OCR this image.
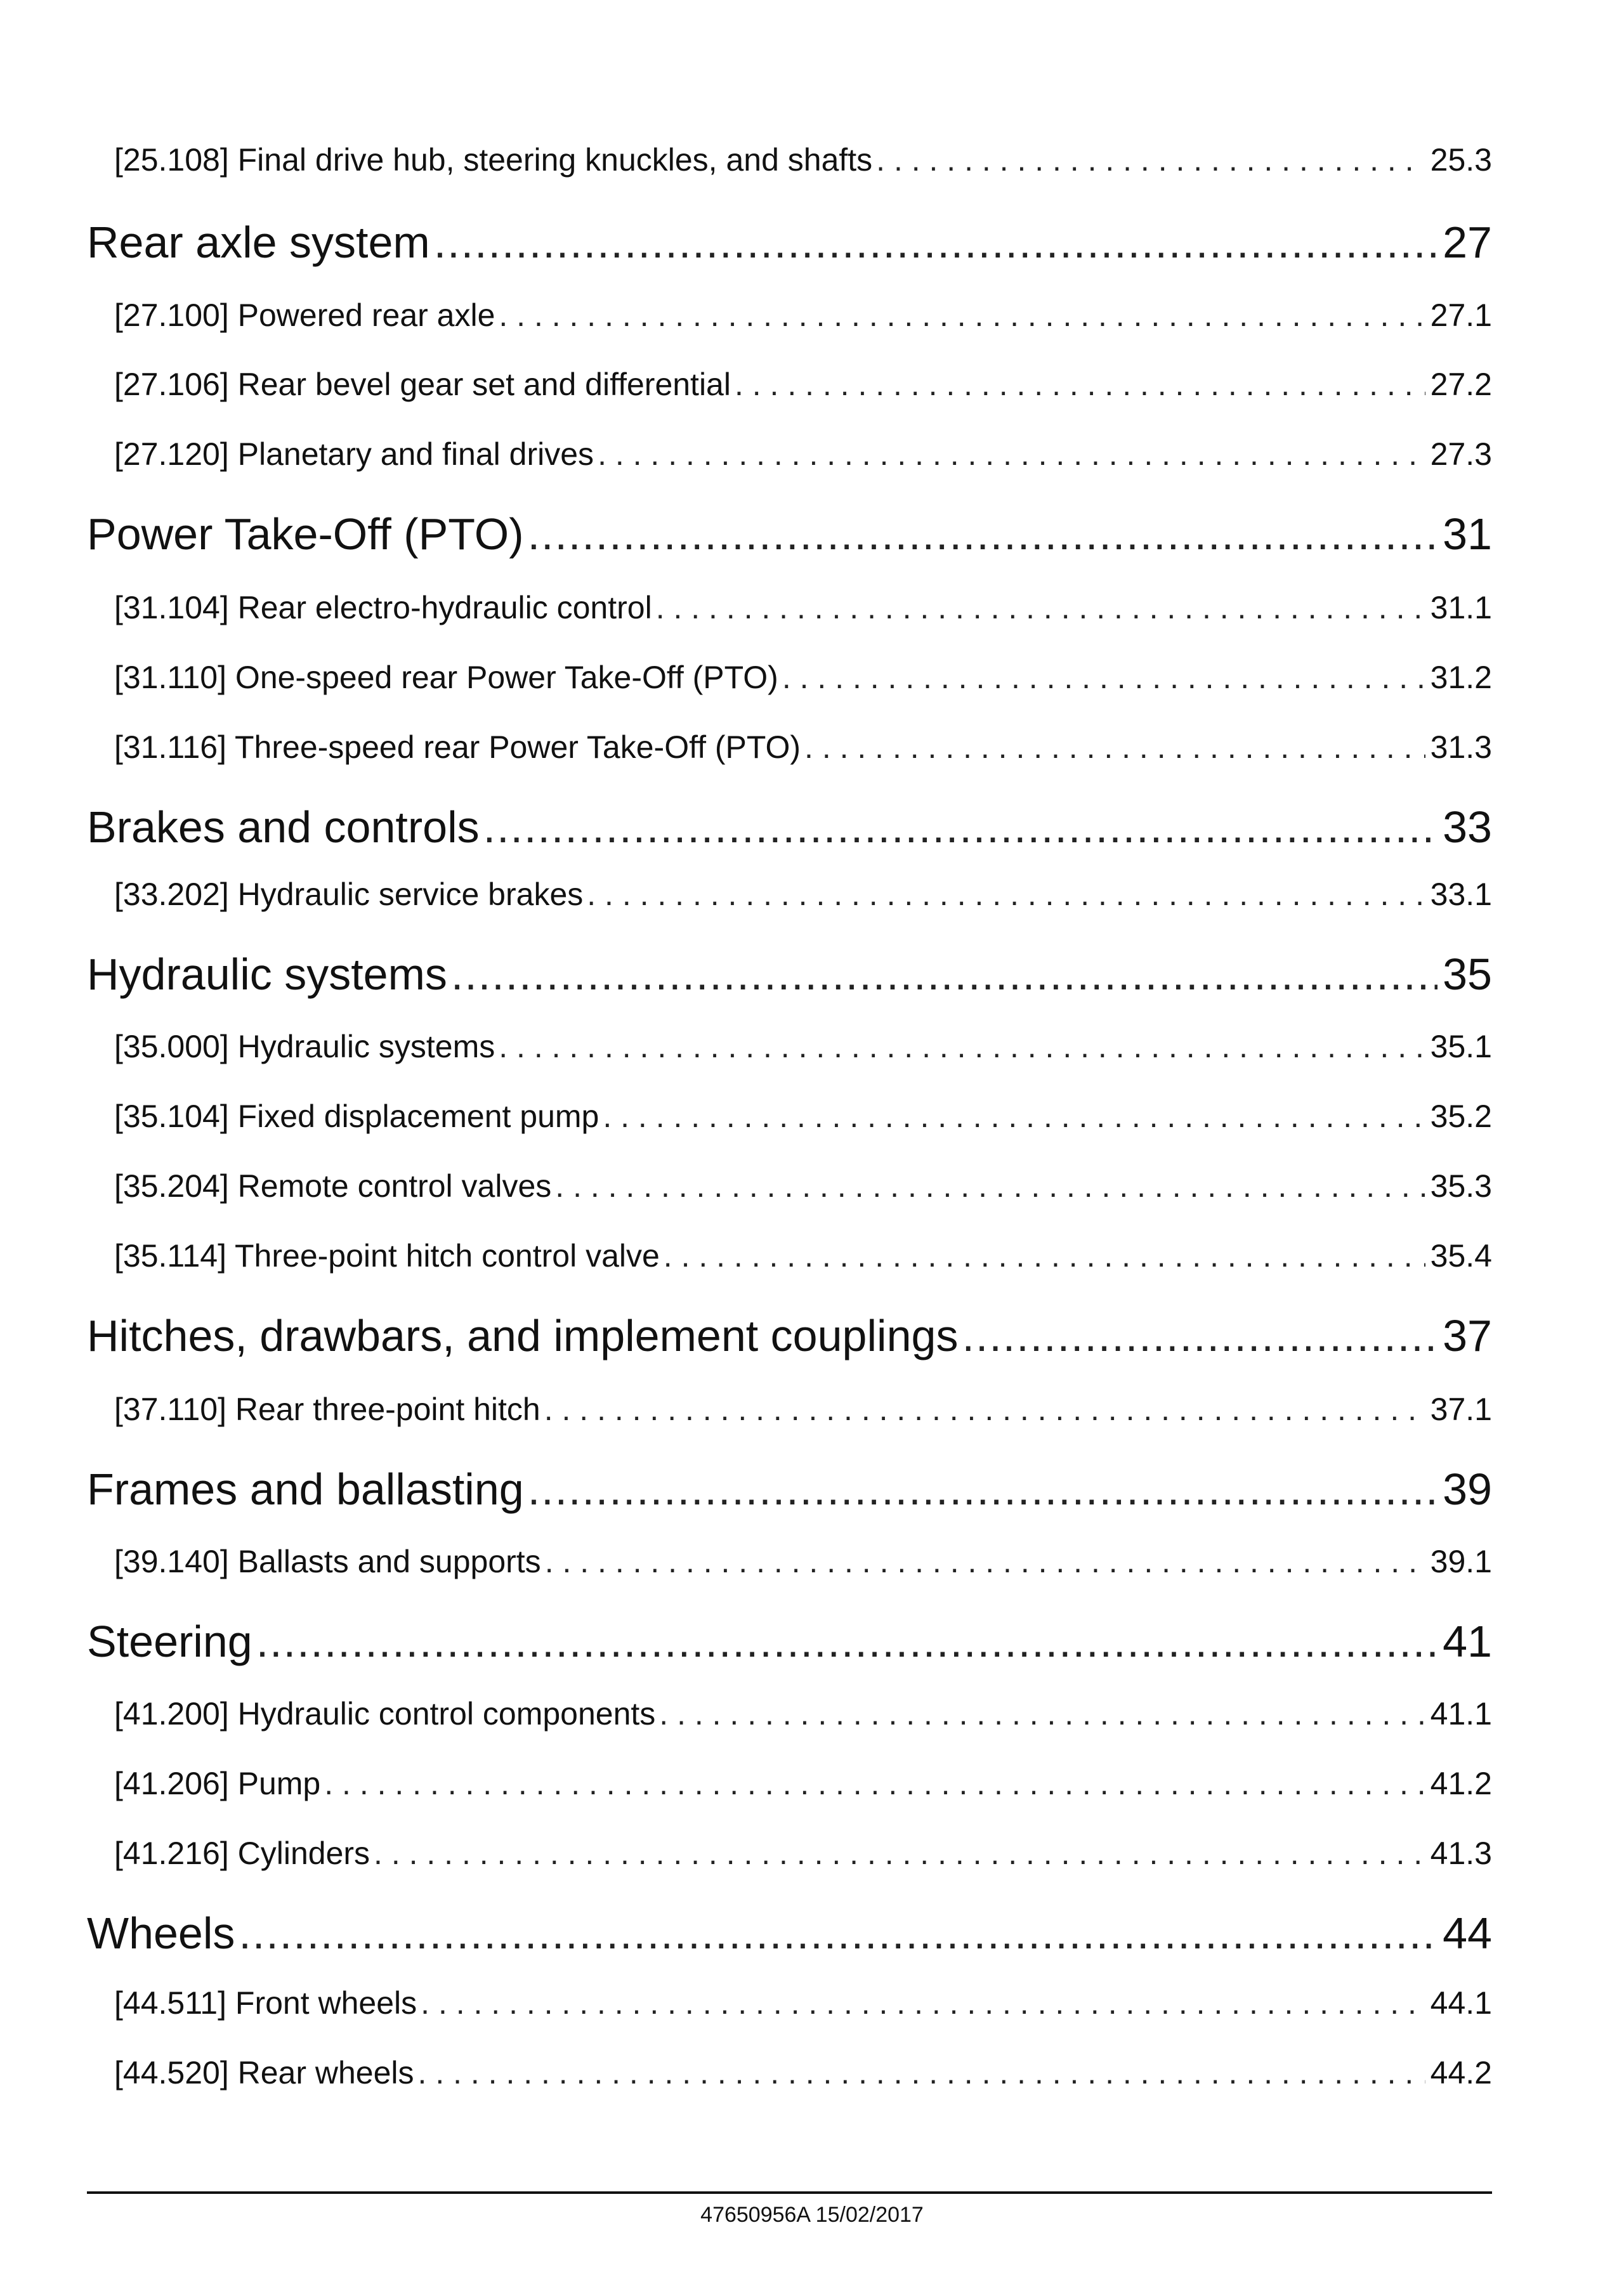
[25.108] Final drive hub, steering knuckles, and shafts . . .	25.3
Rear axle system .....	27
[27.100] Powered rear axle . . .	27.1
[27.106] Rear bevel gear set and differential . . .	27.2
[27.120] Planetary and final drives . . .	27.3
Power Take-Off (PTO) .....	31
[31.104] Rear electro-hydraulic control . . .	31.1
[31.110] One-speed rear Power Take-Off (PTO) . . .	31.2
[31.116] Three-speed rear Power Take-Off (PTO) . . .	31.3
Brakes and controls .....	33
[33.202] Hydraulic service brakes . . .	33.1
Hydraulic systems .....	35
[35.000] Hydraulic systems . . .	35.1
[35.104] Fixed displacement pump . . .	35.2
[35.204] Remote control valves . . .	35.3
[35.114] Three-point hitch control valve . . .	35.4
Hitches, drawbars, and implement couplings .....	37
[37.110] Rear three-point hitch . . .	37.1
Frames and ballasting .....	39
[39.140] Ballasts and supports . . .	39.1
Steering .....	41
[41.200] Hydraulic control components . . .	41.1
[41.206] Pump . . .	41.2
[41.216] Cylinders . . .	41.3
Wheels .....	44
[44.511] Front wheels . . .	44.1
[44.520] Rear wheels . . .	44.2
47650956A 15/02/2017
